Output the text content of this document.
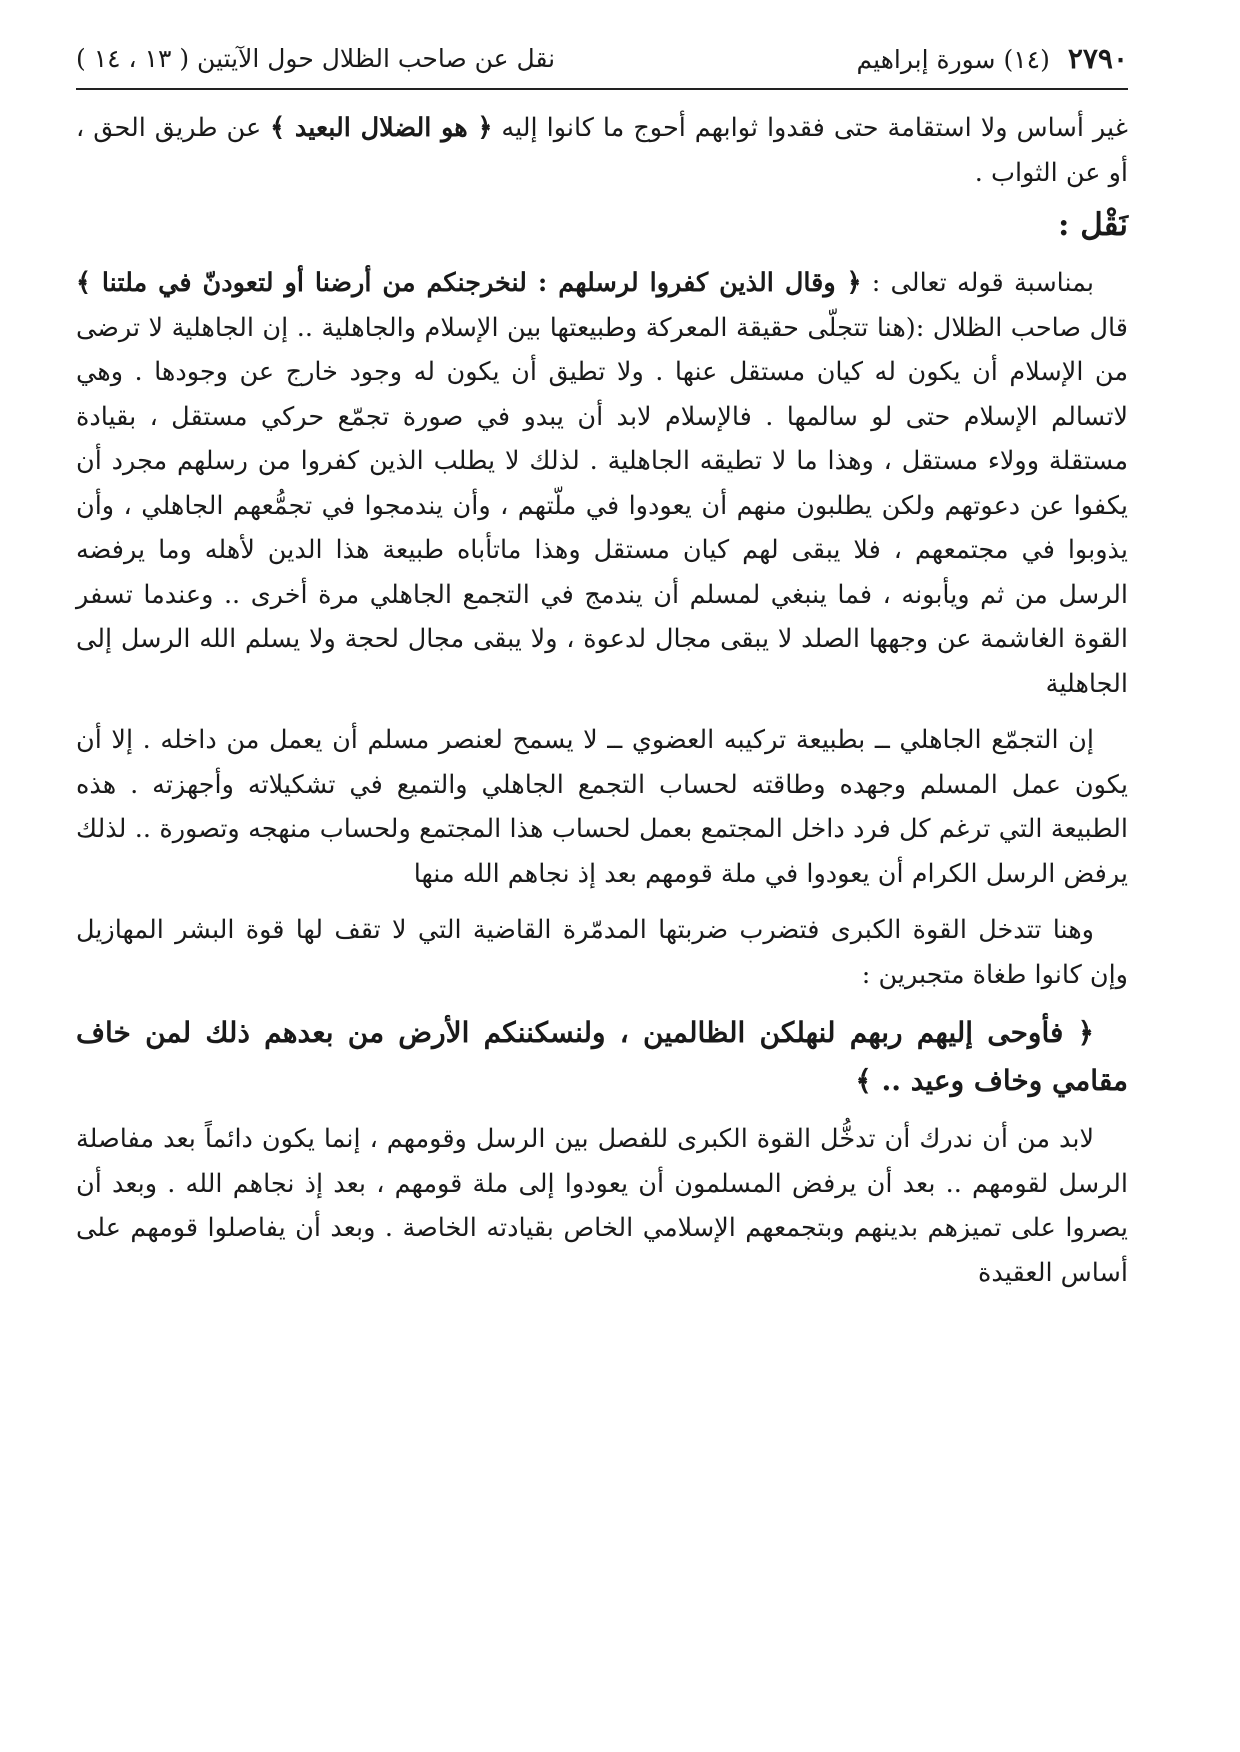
٢٧٩٠
(١٤) سورة إبراهيم
نقل عن صاحب الظلال حول الآيتين ( ١٣ ، ١٤ )

غير أساس ولا استقامة حتى فقدوا ثوابهم أحوج ما كانوا إليه ﴿ هو الضلال البعيد ﴾ عن طريق الحق ، أو عن الثواب .

نَقْل :

بمناسبة قوله تعالى : ﴿ وقال الذين كفروا لرسلهم : لنخرجنكم من أرضنا أو لتعودنّ في ملتنا ﴾ قال صاحب الظلال :(هنا تتجلّى حقيقة المعركة وطبيعتها بين الإسلام والجاهلية .. إن الجاهلية لا ترضى من الإسلام أن يكون له كيان مستقل عنها . ولا تطيق أن يكون له وجود خارج عن وجودها . وهي لاتسالم الإسلام حتى لو سالمها . فالإسلام لابد أن يبدو في صورة تجمّع حركي مستقل ، بقيادة مستقلة وولاء مستقل ، وهذا ما لا تطيقه الجاهلية . لذلك لا يطلب الذين كفروا من رسلهم مجرد أن يكفوا عن دعوتهم ولكن يطلبون منهم أن يعودوا في ملّتهم ، وأن يندمجوا في تجمُّعهم الجاهلي ، وأن يذوبوا في مجتمعهم ، فلا يبقى لهم كيان مستقل وهذا ماتأباه طبيعة هذا الدين لأهله وما يرفضه الرسل من ثم ويأبونه ، فما ينبغي لمسلم أن يندمج في التجمع الجاهلي مرة أخرى .. وعندما تسفر القوة الغاشمة عن وجهها الصلد لا يبقى مجال لدعوة ، ولا يبقى مجال لحجة ولا يسلم الله الرسل إلى الجاهلية

إن التجمّع الجاهلي ــ بطبيعة تركيبه العضوي ــ لا يسمح لعنصر مسلم أن يعمل من داخله . إلا أن يكون عمل المسلم وجهده وطاقته لحساب التجمع الجاهلي والتميع في تشكيلاته وأجهزته . هذه الطبيعة التي ترغم كل فرد داخل المجتمع بعمل لحساب هذا المجتمع ولحساب منهجه وتصورة .. لذلك يرفض الرسل الكرام أن يعودوا في ملة قومهم بعد إذ نجاهم الله منها

وهنا تتدخل القوة الكبرى فتضرب ضربتها المدمّرة القاضية التي لا تقف لها قوة البشر المهازيل وإن كانوا طغاة متجبرين :

﴿ فأوحى إليهم ربهم لنهلكن الظالمين ، ولنسكننكم الأرض من بعدهم ذلك لمن خاف مقامي وخاف وعيد .. ﴾

لابد من أن ندرك أن تدخُّل القوة الكبرى للفصل بين الرسل وقومهم ، إنما يكون دائماً بعد مفاصلة الرسل لقومهم .. بعد أن يرفض المسلمون أن يعودوا إلى ملة قومهم ، بعد إذ نجاهم الله . وبعد أن يصروا على تميزهم بدينهم وبتجمعهم الإسلامي الخاص بقيادته الخاصة . وبعد أن يفاصلوا قومهم على أساس العقيدة
